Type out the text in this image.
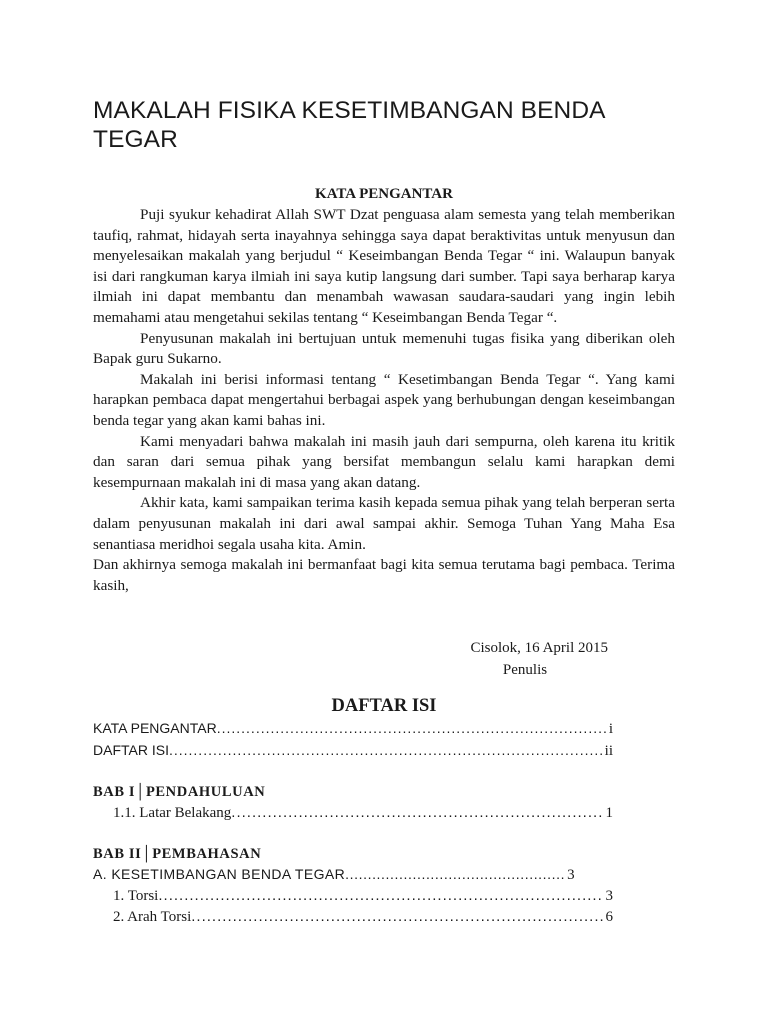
MAKALAH FISIKA KESETIMBANGAN BENDA TEGAR
KATA PENGANTAR

Puji syukur kehadirat Allah SWT Dzat penguasa alam semesta yang telah memberikan taufiq, rahmat, hidayah serta inayahnya sehingga saya dapat beraktivitas untuk menyusun dan menyelesaikan makalah yang berjudul “ Keseimbangan Benda Tegar “ ini. Walaupun banyak isi dari rangkuman karya ilmiah ini saya kutip langsung dari sumber. Tapi saya berharap karya ilmiah ini dapat membantu dan menambah wawasan saudara-saudari yang ingin lebih memahami atau mengetahui sekilas tentang “ Keseimbangan Benda Tegar “.

Penyusunan makalah ini bertujuan untuk memenuhi tugas fisika yang diberikan oleh Bapak guru Sukarno.

Makalah ini berisi informasi tentang “ Kesetimbangan Benda Tegar “. Yang kami harapkan pembaca dapat mengertahui berbagai aspek yang berhubungan dengan keseimbangan benda tegar yang akan kami bahas ini.

Kami menyadari bahwa makalah ini masih jauh dari sempurna, oleh karena itu kritik dan saran dari semua pihak yang bersifat membangun selalu kami harapkan demi kesempurnaan makalah ini di masa yang akan datang.

Akhir kata, kami sampaikan terima kasih kepada semua pihak yang telah berperan serta dalam penyusunan makalah ini dari awal sampai akhir. Semoga Tuhan Yang Maha Esa senantiasa meridhoi segala usaha kita. Amin.

Dan akhirnya semoga makalah ini bermanfaat bagi kita semua terutama bagi pembaca. Terima kasih,

Cisolok, 16 April 2015
Penulis
DAFTAR ISI
KATA PENGANTAR .....	i
DAFTAR ISI .....	ii
BAB I│PENDAHULUAN
1.1. Latar Belakang .....	1
BAB II│PEMBAHASAN
A. KESETIMBANGAN BENDA TEGAR .....	3
1. Torsi .....	3
2. Arah Torsi .....	6
